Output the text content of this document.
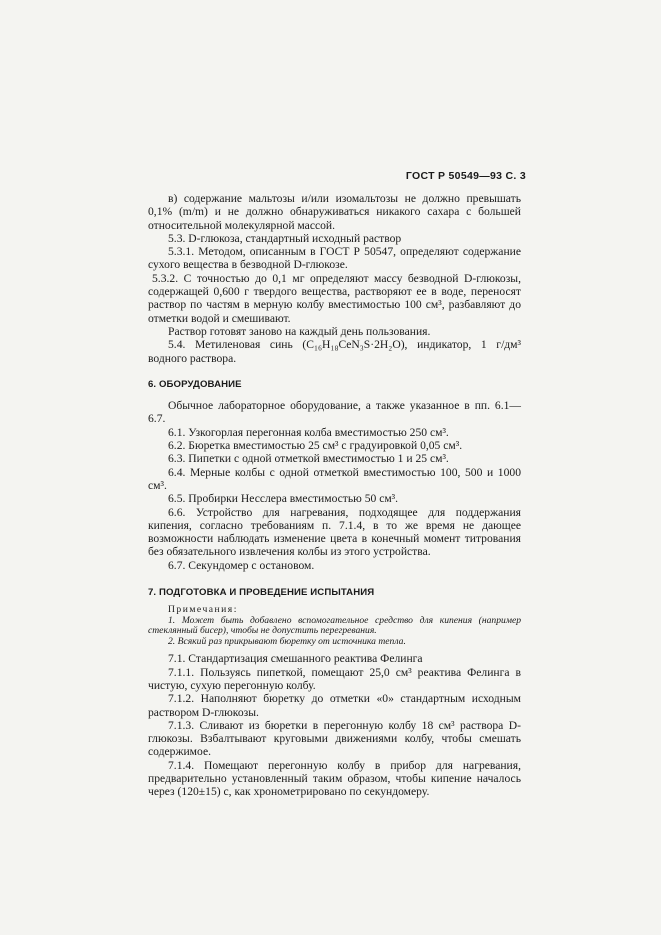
ГОСТ Р 50549—93 С. 3

в) содержание мальтозы и/или изомальтозы не должно превышать 0,1% (m/m) и не должно обнаруживаться никакого сахара с большей относительной молекулярной массой.

5.3. D-глюкоза, стандартный исходный раствор

5.3.1. Методом, описанным в ГОСТ Р 50547, определяют содержание сухого вещества в безводной D-глюкозе.

5.3.2. С точностью до 0,1 мг определяют массу безводной D-глюкозы, содержащей 0,600 г твердого вещества, растворяют ее в воде, переносят раствор по частям в мерную колбу вместимостью 100 см³, разбавляют до отметки водой и смешивают.

Раствор готовят заново на каждый день пользования.

5.4. Метиленовая синь (C₁₆H₁₈CeN₃S·2H₂O), индикатор, 1 г/дм³ водного раствора.

6. ОБОРУДОВАНИЕ

Обычное лабораторное оборудование, а также указанное в пп. 6.1—6.7.

6.1. Узкогорлая перегонная колба вместимостью 250 см³.

6.2. Бюретка вместимостью 25 см³ с градуировкой 0,05 см³.

6.3. Пипетки с одной отметкой вместимостью 1 и 25 см³.

6.4. Мерные колбы с одной отметкой вместимостью 100, 500 и 1000 см³.

6.5. Пробирки Несслера вместимостью 50 см³.

6.6. Устройство для нагревания, подходящее для поддержания кипения, согласно требованиям п. 7.1.4, в то же время не дающее возможности наблюдать изменение цвета в конечный момент титрования без обязательного извлечения колбы из этого устройства.

6.7. Секундомер с остановом.

7. ПОДГОТОВКА И ПРОВЕДЕНИЕ ИСПЫТАНИЯ

Примечания:

1. Может быть добавлено вспомогательное средство для кипения (например стеклянный бисер), чтобы не допустить перегревания.

2. Всякий раз прикрывают бюретку от источника тепла.

7.1. Стандартизация смешанного реактива Фелинга

7.1.1. Пользуясь пипеткой, помещают 25,0 см³ реактива Фелинга в чистую, сухую перегонную колбу.

7.1.2. Наполняют бюретку до отметки «0» стандартным исходным раствором D-глюкозы.

7.1.3. Сливают из бюретки в перегонную колбу 18 см³ раствора D-глюкозы. Взбалтывают круговыми движениями колбу, чтобы смешать содержимое.

7.1.4. Помещают перегонную колбу в прибор для нагревания, предварительно установленный таким образом, чтобы кипение началось через (120±15) с, как хронометрировано по секундомеру.
